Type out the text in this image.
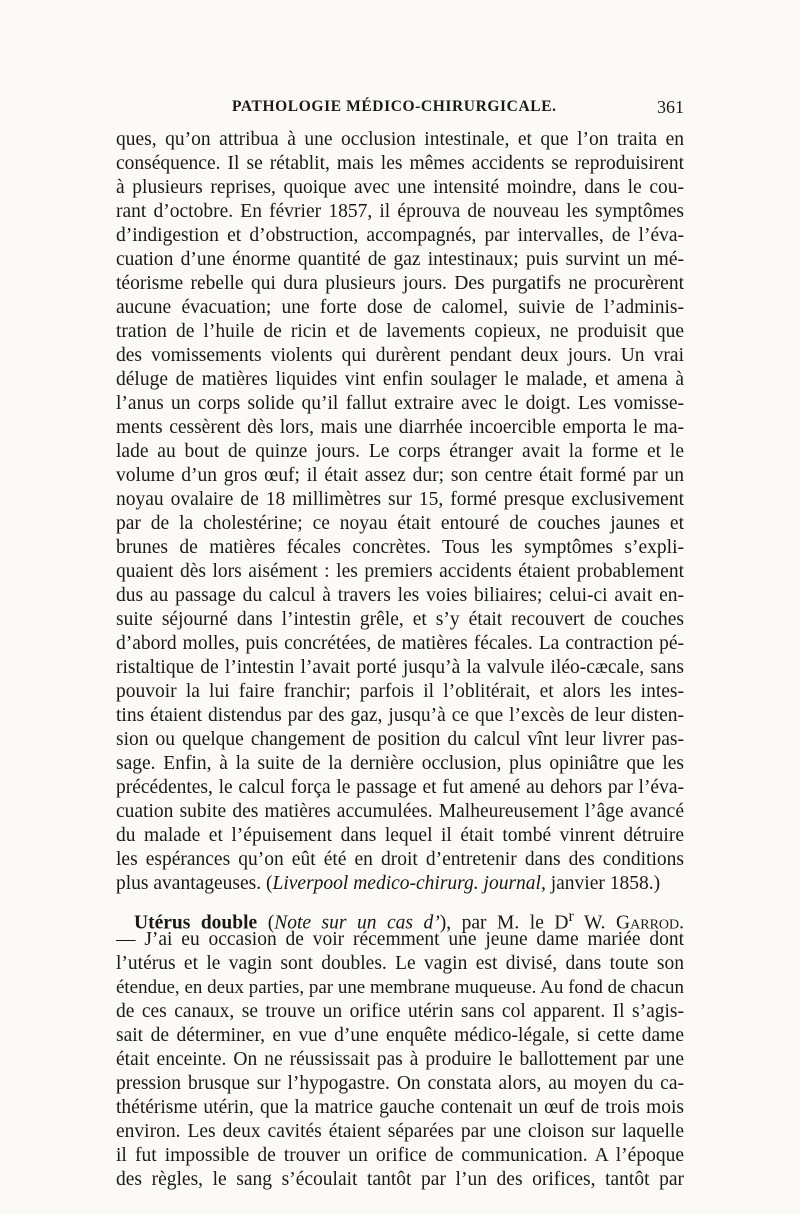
PATHOLOGIE MÉDICO-CHIRURGICALE.	361
ques, qu’on attribua à une occlusion intestinale, et que l’on traita en
conséquence. Il se rétablit, mais les mêmes accidents se reproduisirent
à plusieurs reprises, quoique avec une intensité moindre, dans le cou-
rant d’octobre. En février 1857, il éprouva de nouveau les symptômes
d’indigestion et d’obstruction, accompagnés, par intervalles, de l’éva-
cuation d’une énorme quantité de gaz intestinaux; puis survint un mé-
téorisme rebelle qui dura plusieurs jours. Des purgatifs ne procurèrent
aucune évacuation; une forte dose de calomel, suivie de l’adminis-
tration de l’huile de ricin et de lavements copieux, ne produisit que
des vomissements violents qui durèrent pendant deux jours. Un vrai
déluge de matières liquides vint enfin soulager le malade, et amena à
l’anus un corps solide qu’il fallut extraire avec le doigt. Les vomisse-
ments cessèrent dès lors, mais une diarrhée incoercible emporta le ma-
lade au bout de quinze jours. Le corps étranger avait la forme et le
volume d’un gros œuf; il était assez dur; son centre était formé par un
noyau ovalaire de 18 millimètres sur 15, formé presque exclusivement
par de la cholestérine; ce noyau était entouré de couches jaunes et
brunes de matières fécales concrètes. Tous les symptômes s’expli-
quaient dès lors aisément : les premiers accidents étaient probablement
dus au passage du calcul à travers les voies biliaires; celui-ci avait en-
suite séjourné dans l’intestin grêle, et s’y était recouvert de couches
d’abord molles, puis concrétées, de matières fécales. La contraction pé-
ristaltique de l’intestin l’avait porté jusqu’à la valvule iléo-cæcale, sans
pouvoir la lui faire franchir; parfois il l’oblitérait, et alors les intes-
tins étaient distendus par des gaz, jusqu’à ce que l’excès de leur disten-
sion ou quelque changement de position du calcul vînt leur livrer pas-
sage. Enfin, à la suite de la dernière occlusion, plus opiniâtre que les
précédentes, le calcul força le passage et fut amené au dehors par l’éva-
cuation subite des matières accumulées. Malheureusement l’âge avancé
du malade et l’épuisement dans lequel il était tombé vinrent détruire
les espérances qu’on eût été en droit d’entretenir dans des conditions
plus avantageuses. (Liverpool medico-chirurg. journal, janvier 1858.)
Utérus double (Note sur un cas d’), par M. le $D^r$ W. Garrod.
— J’ai eu occasion de voir récemment une jeune dame mariée dont
l’utérus et le vagin sont doubles. Le vagin est divisé, dans toute son
étendue, en deux parties, par une membrane muqueuse. Au fond de chacun
de ces canaux, se trouve un orifice utérin sans col apparent. Il s’agis-
sait de déterminer, en vue d’une enquête médico-légale, si cette dame
était enceinte. On ne réussissait pas à produire le ballottement par une
pression brusque sur l’hypogastre. On constata alors, au moyen du ca-
thétérisme utérin, que la matrice gauche contenait un œuf de trois mois
environ. Les deux cavités étaient séparées par une cloison sur laquelle
il fut impossible de trouver un orifice de communication. A l’époque
des règles, le sang s’écoulait tantôt par l’un des orifices, tantôt par
